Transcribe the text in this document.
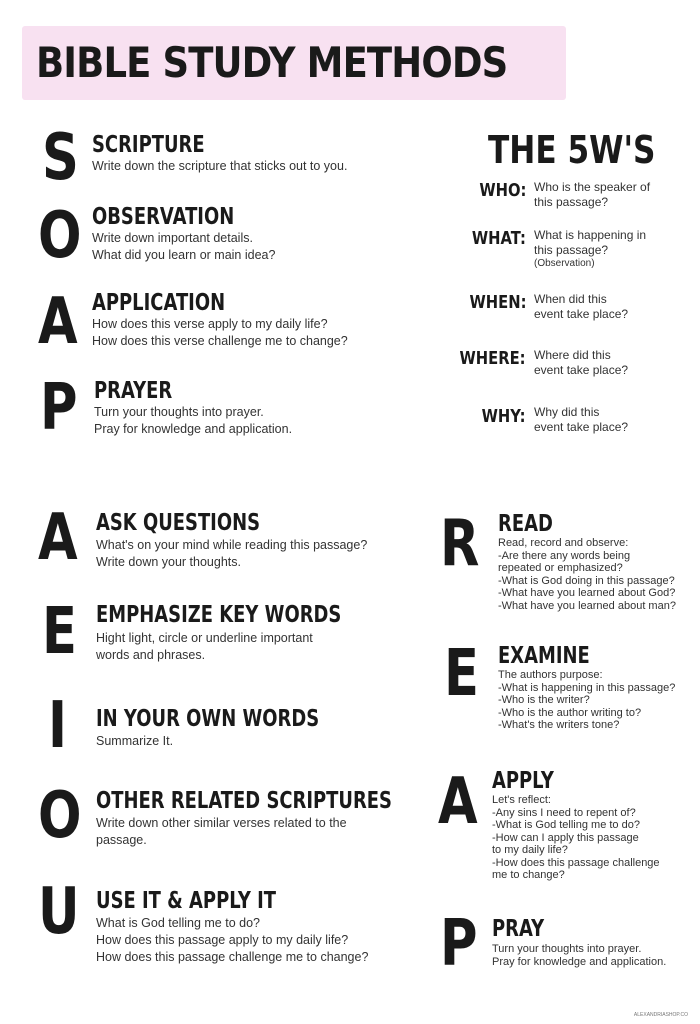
BIBLE STUDY METHODS
S SCRIPTURE
Write down the scripture that sticks out to you.
O OBSERVATION
Write down important details.
What did you learn or main idea?
A APPLICATION
How does this verse apply to my daily life?
How does this verse challenge me to change?
P PRAYER
Turn your thoughts into prayer.
Pray for knowledge and application.
THE 5W'S
WHO: Who is the speaker of
this passage?
WHAT: What is happening in
this passage?
(Observation)
WHEN: When did this
event take place?
WHERE: Where did this
event take place?
WHY: Why did this
event take place?
A ASK QUESTIONS
What's on your mind while reading this passage?
Write down your thoughts.
E EMPHASIZE KEY WORDS
Hight light, circle or underline important
words and phrases.
I IN YOUR OWN WORDS
Summarize It.
O OTHER RELATED SCRIPTURES
Write down other similar verses related to the
passage.
U USE IT & APPLY IT
What is God telling me to do?
How does this passage apply to my daily life?
How does this passage challenge me to change?
R READ
Read, record and observe:
-Are there any words being
repeated or emphasized?
-What is God doing in this passage?
-What have you learned about God?
-What have you learned about man?
E EXAMINE
The authors purpose:
-What is happening in this passage?
-Who is the writer?
-Who is the author writing to?
-What's the writers tone?
A APPLY
Let's reflect:
-Any sins I need to repent of?
-What is God telling me to do?
-How can I apply this passage
to my daily life?
-How does this passage challenge
me to change?
P PRAY
Turn your thoughts into prayer.
Pray for knowledge and application.
ALEXANDRIASHOP.CO
